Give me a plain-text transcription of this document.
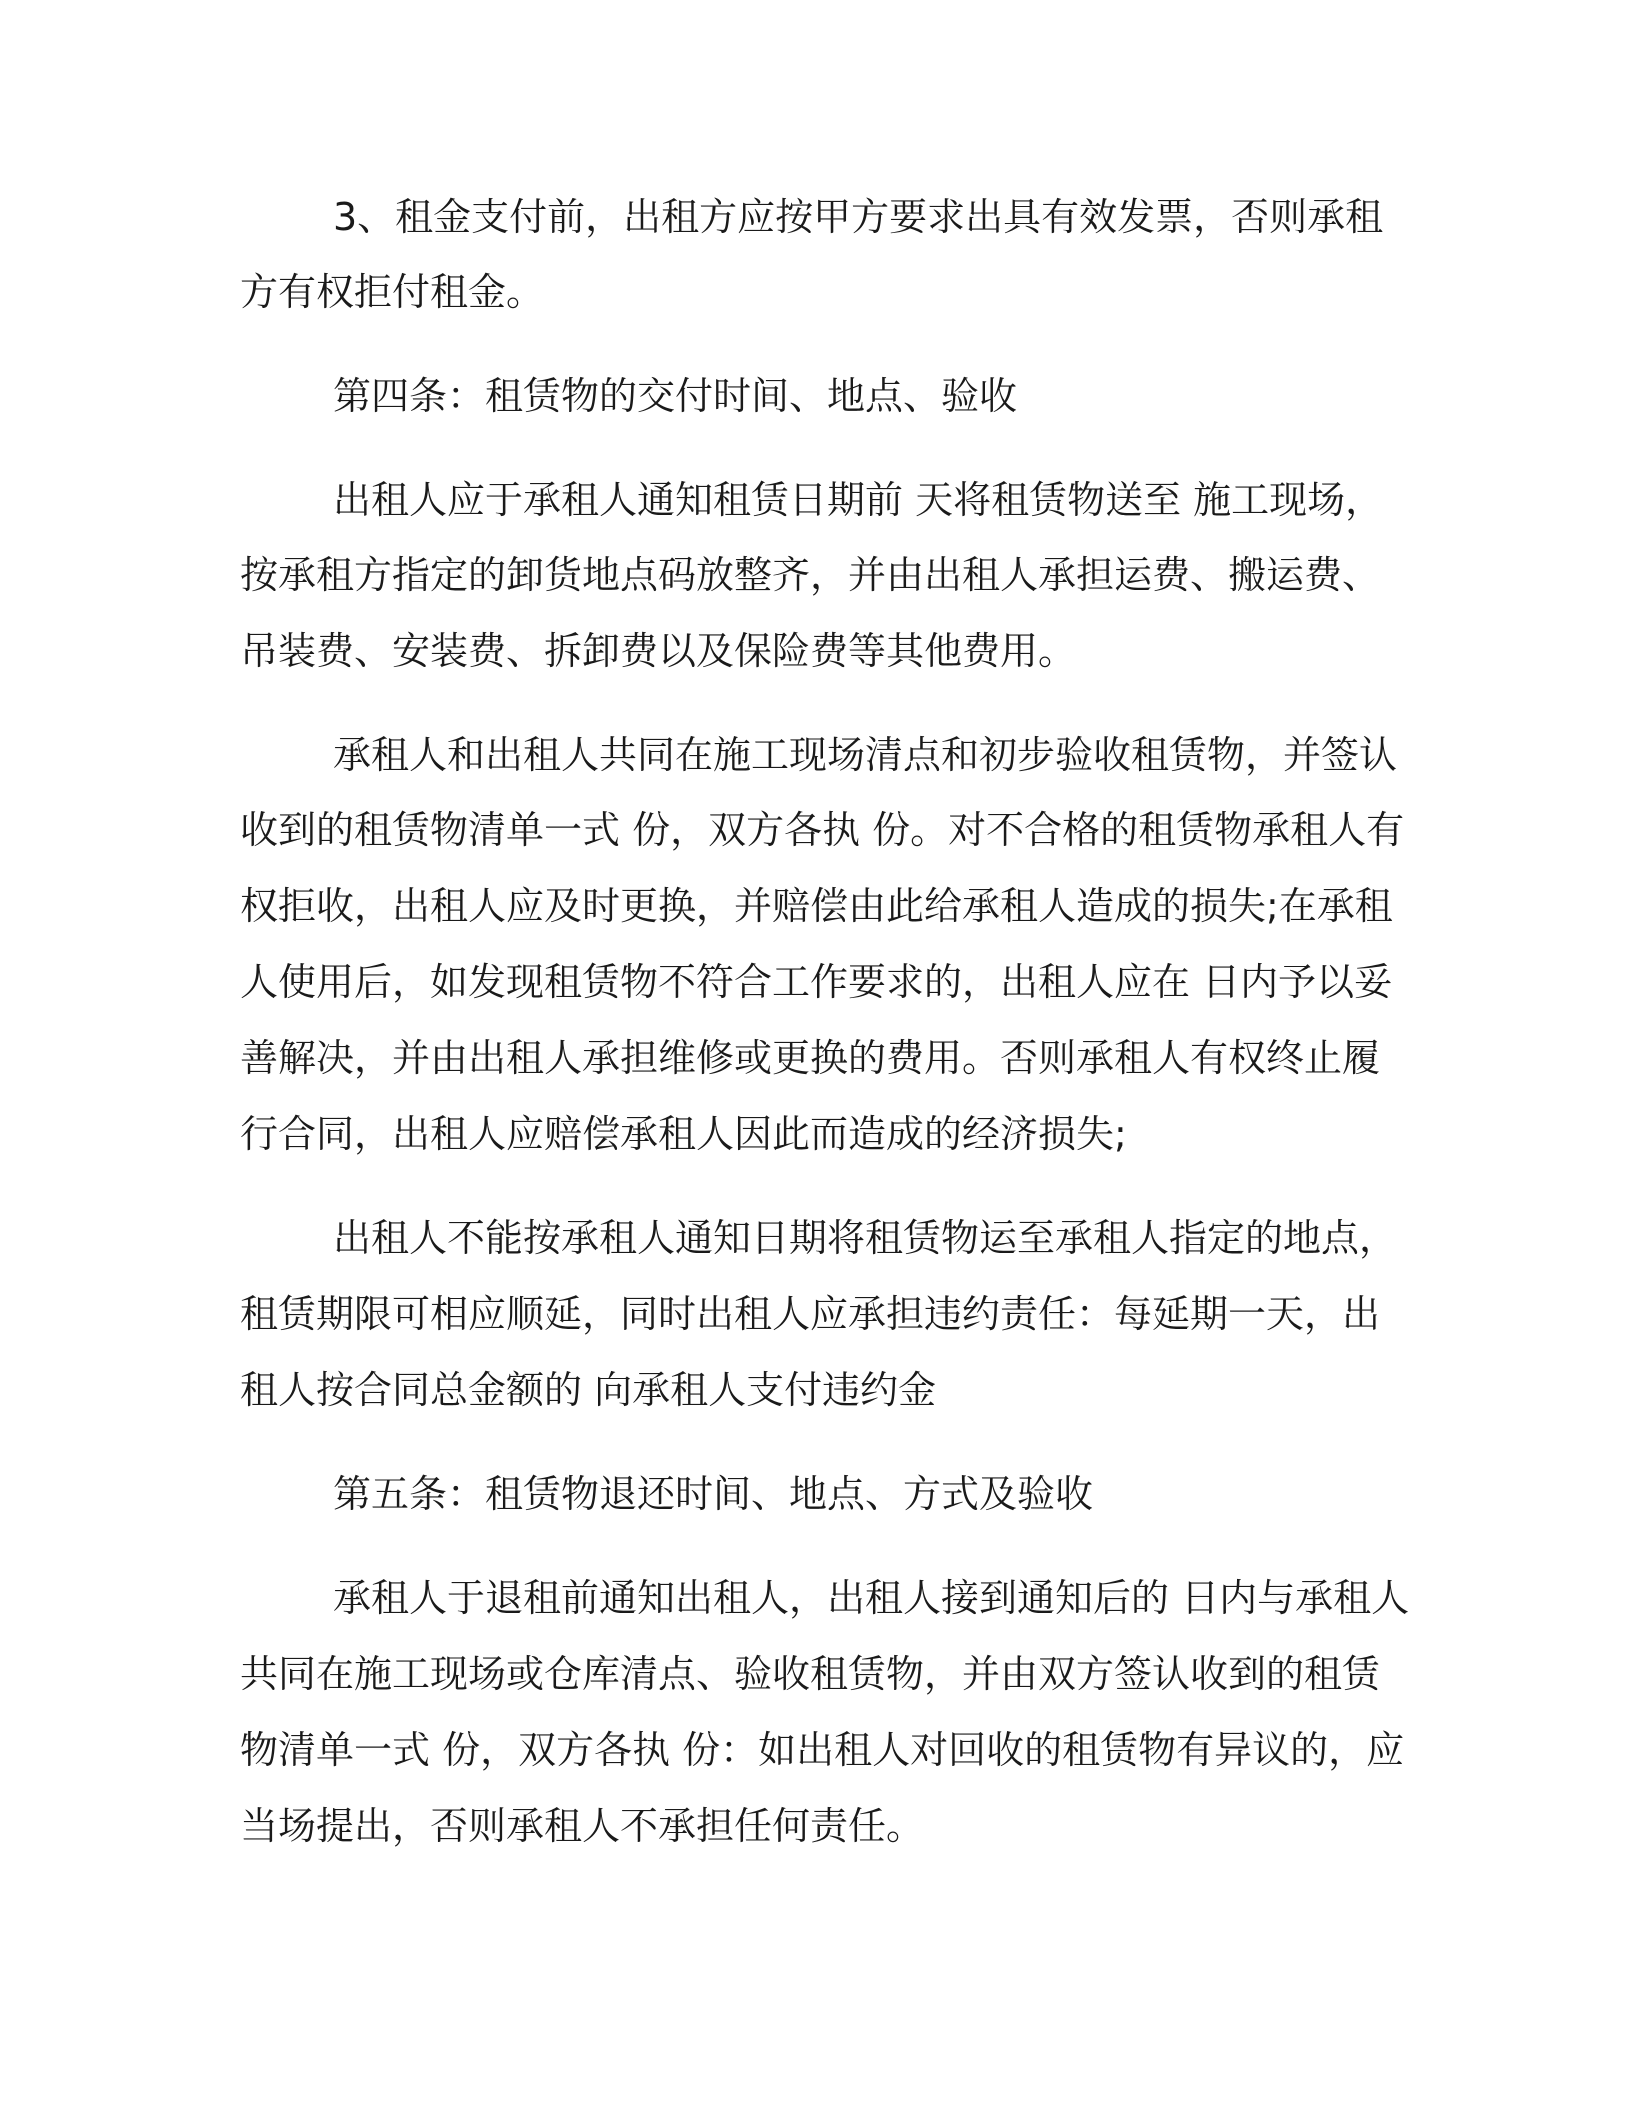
3、租金支付前，出租方应按甲方要求出具有效发票，否则承租

方有权拒付租金。

第四条：租赁物的交付时间、地点、验收

出租人应于承租人通知租赁日期前 天将租赁物送至 施工现场，

按承租方指定的卸货地点码放整齐，并由出租人承担运费、搬运费、

吊装费、安装费、拆卸费以及保险费等其他费用。

承租人和出租人共同在施工现场清点和初步验收租赁物，并签认

收到的租赁物清单一式 份，双方各执 份。对不合格的租赁物承租人有

权拒收，出租人应及时更换，并赔偿由此给承租人造成的损失;在承租

人使用后，如发现租赁物不符合工作要求的，出租人应在 日内予以妥

善解决，并由出租人承担维修或更换的费用。否则承租人有权终止履

行合同，出租人应赔偿承租人因此而造成的经济损失;

出租人不能按承租人通知日期将租赁物运至承租人指定的地点，

租赁期限可相应顺延，同时出租人应承担违约责任：每延期一天，出

租人按合同总金额的 向承租人支付违约金

第五条：租赁物退还时间、地点、方式及验收

承租人于退租前通知出租人，出租人接到通知后的 日内与承租人

共同在施工现场或仓库清点、验收租赁物，并由双方签认收到的租赁

物清单一式 份，双方各执 份：如出租人对回收的租赁物有异议的，应

当场提出，否则承租人不承担任何责任。
